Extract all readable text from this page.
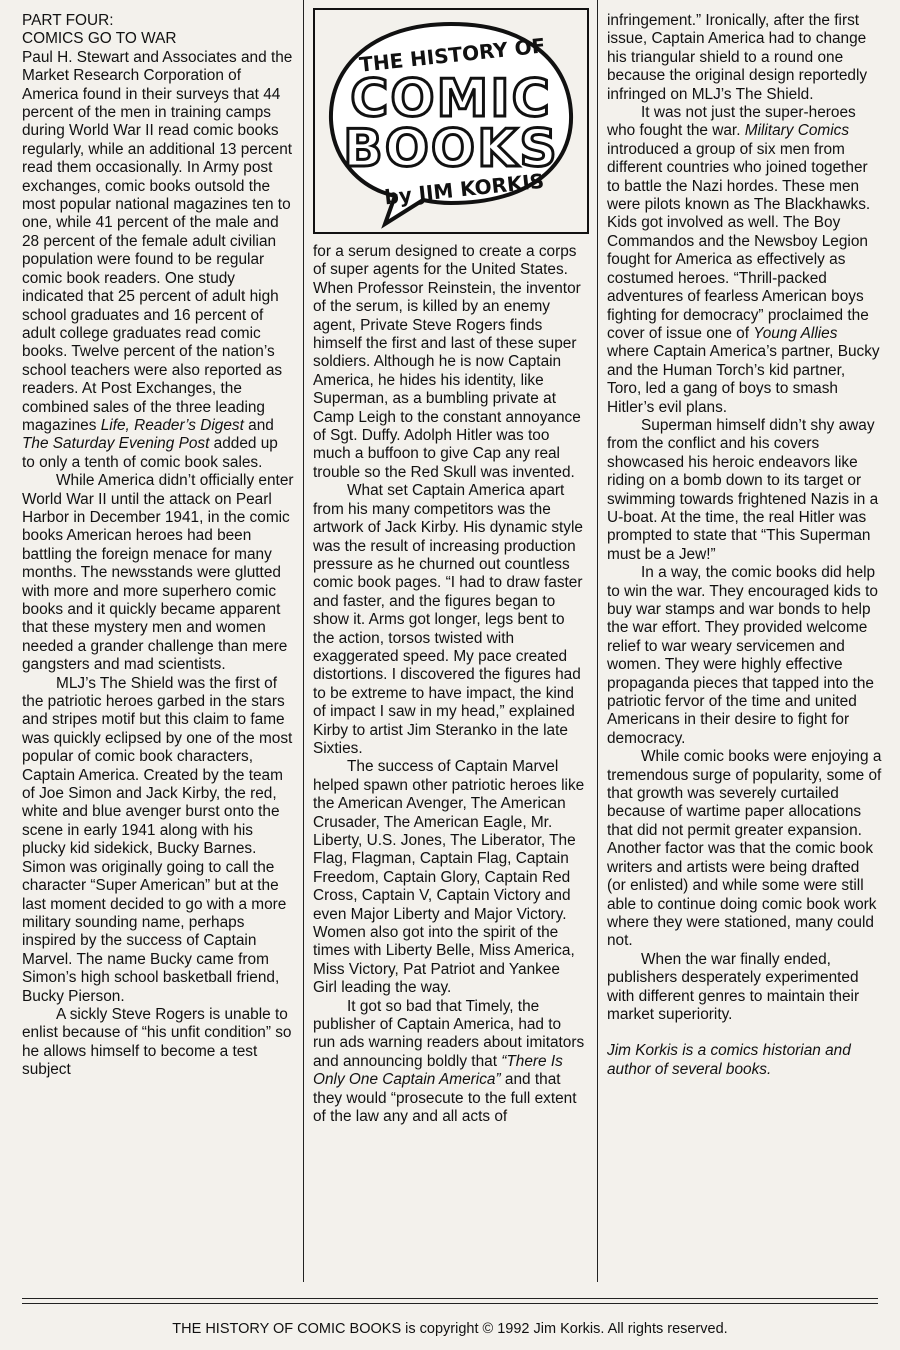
PART FOUR:

COMICS GO TO WAR

Paul H. Stewart and Associates and the Market Research Corporation of America found in their surveys that 44 percent of the men in training camps during World War II read comic books regularly, while an additional 13 percent read them occasionally. In Army post exchanges, comic books outsold the most popular national magazines ten to one, while 41 percent of the male and 28 percent of the female adult civilian population were found to be regular comic book readers. One study indicated that 25 percent of adult high school graduates and 16 percent of adult college graduates read comic books. Twelve percent of the nation’s school teachers were also reported as readers. At Post Exchanges, the combined sales of the three leading magazines Life, Reader’s Digest and The Saturday Evening Post added up to only a tenth of comic book sales.

While America didn’t officially enter World War II until the attack on Pearl Harbor in December 1941, in the comic books American heroes had been battling the foreign menace for many months. The newsstands were glutted with more and more superhero comic books and it quickly became apparent that these mystery men and women needed a grander challenge than mere gangsters and mad scientists.

MLJ’s The Shield was the first of the patriotic heroes garbed in the stars and stripes motif but this claim to fame was quickly eclipsed by one of the most popular of comic book characters, Captain America. Created by the team of Joe Simon and Jack Kirby, the red, white and blue avenger burst onto the scene in early 1941 along with his plucky kid sidekick, Bucky Barnes. Simon was originally going to call the character “Super American” but at the last moment decided to go with a more military sounding name, perhaps inspired by the success of Captain Marvel. The name Bucky came from Simon’s high school basketball friend, Bucky Pierson.

A sickly Steve Rogers is unable to enlist because of “his unfit condition” so he allows himself to become a test subject

THE HISTORY OF
COMIC
BOOKS
by JIM KORKIS

for a serum designed to create a corps of super agents for the United States. When Professor Reinstein, the inventor of the serum, is killed by an enemy agent, Private Steve Rogers finds himself the first and last of these super soldiers. Although he is now Captain America, he hides his identity, like Superman, as a bumbling private at Camp Leigh to the constant annoyance of Sgt. Duffy. Adolph Hitler was too much a buffoon to give Cap any real trouble so the Red Skull was invented.

What set Captain America apart from his many competitors was the artwork of Jack Kirby. His dynamic style was the result of increasing production pressure as he churned out countless comic book pages. “I had to draw faster and faster, and the figures began to show it. Arms got longer, legs bent to the action, torsos twisted with exaggerated speed. My pace created distortions. I discovered the figures had to be extreme to have impact, the kind of impact I saw in my head,” explained Kirby to artist Jim Steranko in the late Sixties.

The success of Captain Marvel helped spawn other patriotic heroes like the American Avenger, The American Crusader, The American Eagle, Mr. Liberty, U.S. Jones, The Liberator, The Flag, Flagman, Captain Flag, Captain Freedom, Captain Glory, Captain Red Cross, Captain V, Captain Victory and even Major Liberty and Major Victory. Women also got into the spirit of the times with Liberty Belle, Miss America, Miss Victory, Pat Patriot and Yankee Girl leading the way.

It got so bad that Timely, the publisher of Captain America, had to run ads warning readers about imitators and announcing boldly that “There Is Only One Captain America” and that they would “prosecute to the full extent of the law any and all acts of

infringement.” Ironically, after the first issue, Captain America had to change his triangular shield to a round one because the original design reportedly infringed on MLJ’s The Shield.

It was not just the super-heroes who fought the war. Military Comics introduced a group of six men from different countries who joined together to battle the Nazi hordes. These men were pilots known as The Blackhawks. Kids got involved as well. The Boy Commandos and the Newsboy Legion fought for America as effectively as costumed heroes. “Thrill-packed adventures of fearless American boys fighting for democracy” proclaimed the cover of issue one of Young Allies where Captain America’s partner, Bucky and the Human Torch’s kid partner, Toro, led a gang of boys to smash Hitler’s evil plans.

Superman himself didn’t shy away from the conflict and his covers showcased his heroic endeavors like riding on a bomb down to its target or swimming towards frightened Nazis in a U-boat. At the time, the real Hitler was prompted to state that “This Superman must be a Jew!”

In a way, the comic books did help to win the war. They encouraged kids to buy war stamps and war bonds to help the war effort. They provided welcome relief to war weary servicemen and women. They were highly effective propaganda pieces that tapped into the patriotic fervor of the time and united Americans in their desire to fight for democracy.

While comic books were enjoying a tremendous surge of popularity, some of that growth was severely curtailed because of wartime paper allocations that did not permit greater expansion. Another factor was that the comic book writers and artists were being drafted (or enlisted) and while some were still able to continue doing comic book work where they were stationed, many could not.

When the war finally ended, publishers desperately experimented with different genres to maintain their market superiority.

Jim Korkis is a comics historian and author of several books.

THE HISTORY OF COMIC BOOKS is copyright © 1992 Jim Korkis. All rights reserved.
